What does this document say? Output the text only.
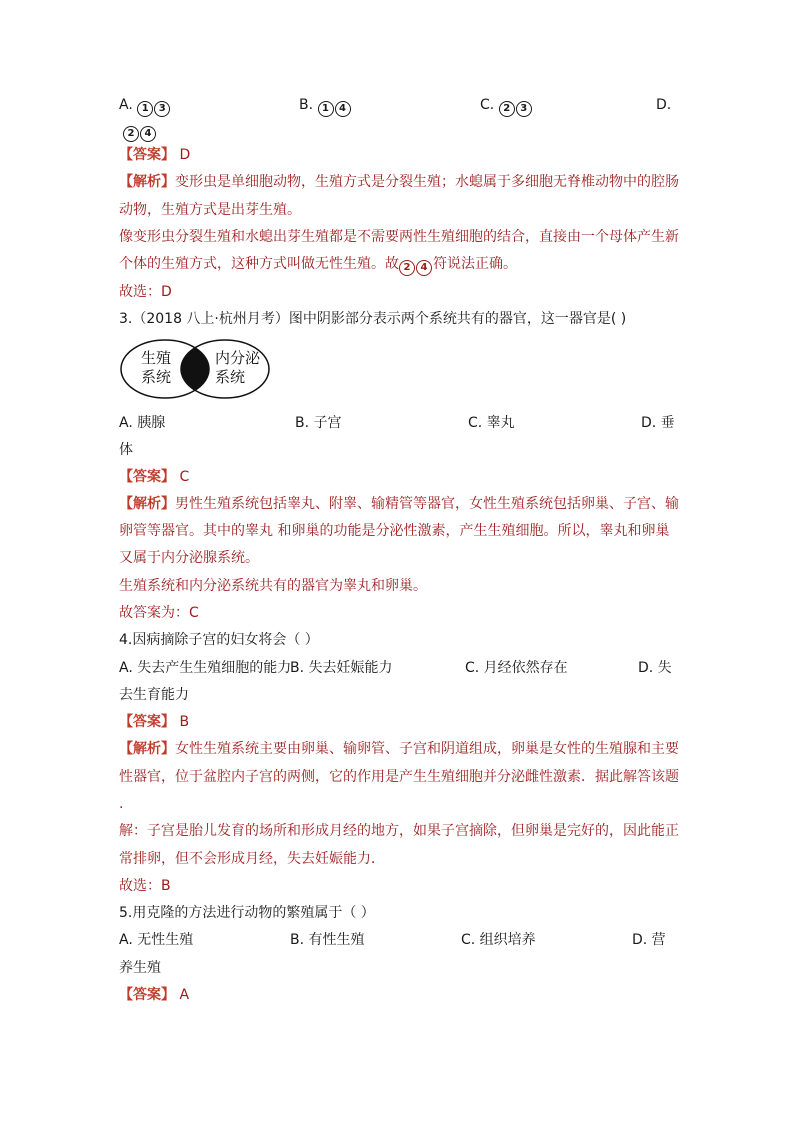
A. 1 3	B. 1 4	C. 2 3	D.
2 4
【答案】 D
【解析】变形虫是单细胞动物，生殖方式是分裂生殖；水螅属于多细胞无脊椎动物中的腔肠
动物，生殖方式是出芽生殖。
像变形虫分裂生殖和水螅出芽生殖都是不需要两性生殖细胞的结合，直接由一个母体产生新
个体的生殖方式，这种方式叫做无性生殖。故 2 4 符说法正确。
故选：D
3.（2018 八上·杭州月考）图中阴影部分表示两个系统共有的器官，这一器官是( )
生殖
系统
内分泌
系统
A. 胰腺	B. 子宫	C. 睾丸	D. 垂
体
【答案】 C
【解析】男性生殖系统包括睾丸、附睾、输精管等器官，女性生殖系统包括卵巢、子宫、输
卵管等器官。其中的睾丸 和卵巢的功能是分泌性激素，产生生殖细胞。所以，睾丸和卵巢
又属于内分泌腺系统。
生殖系统和内分泌系统共有的器官为睾丸和卵巢。
故答案为：C
4.因病摘除子宫的妇女将会（ ）
A. 失去产生生殖细胞的能力
B. 失去妊娠能力	C. 月经依然存在	D. 失
去生育能力
【答案】 B
【解析】女性生殖系统主要由卵巢、输卵管、子宫和阴道组成，卵巢是女性的生殖腺和主要
性器官，位于盆腔内子宫的两侧，它的作用是产生生殖细胞并分泌雌性激素．据此解答该题
.
解：子宫是胎儿发育的场所和形成月经的地方，如果子宫摘除，但卵巢是完好的，因此能正
常排卵，但不会形成月经，失去妊娠能力．
故选：B
5.用克隆的方法进行动物的繁殖属于（ ）
A. 无性生殖	B. 有性生殖	C. 组织培养	D. 营
养生殖
【答案】 A
